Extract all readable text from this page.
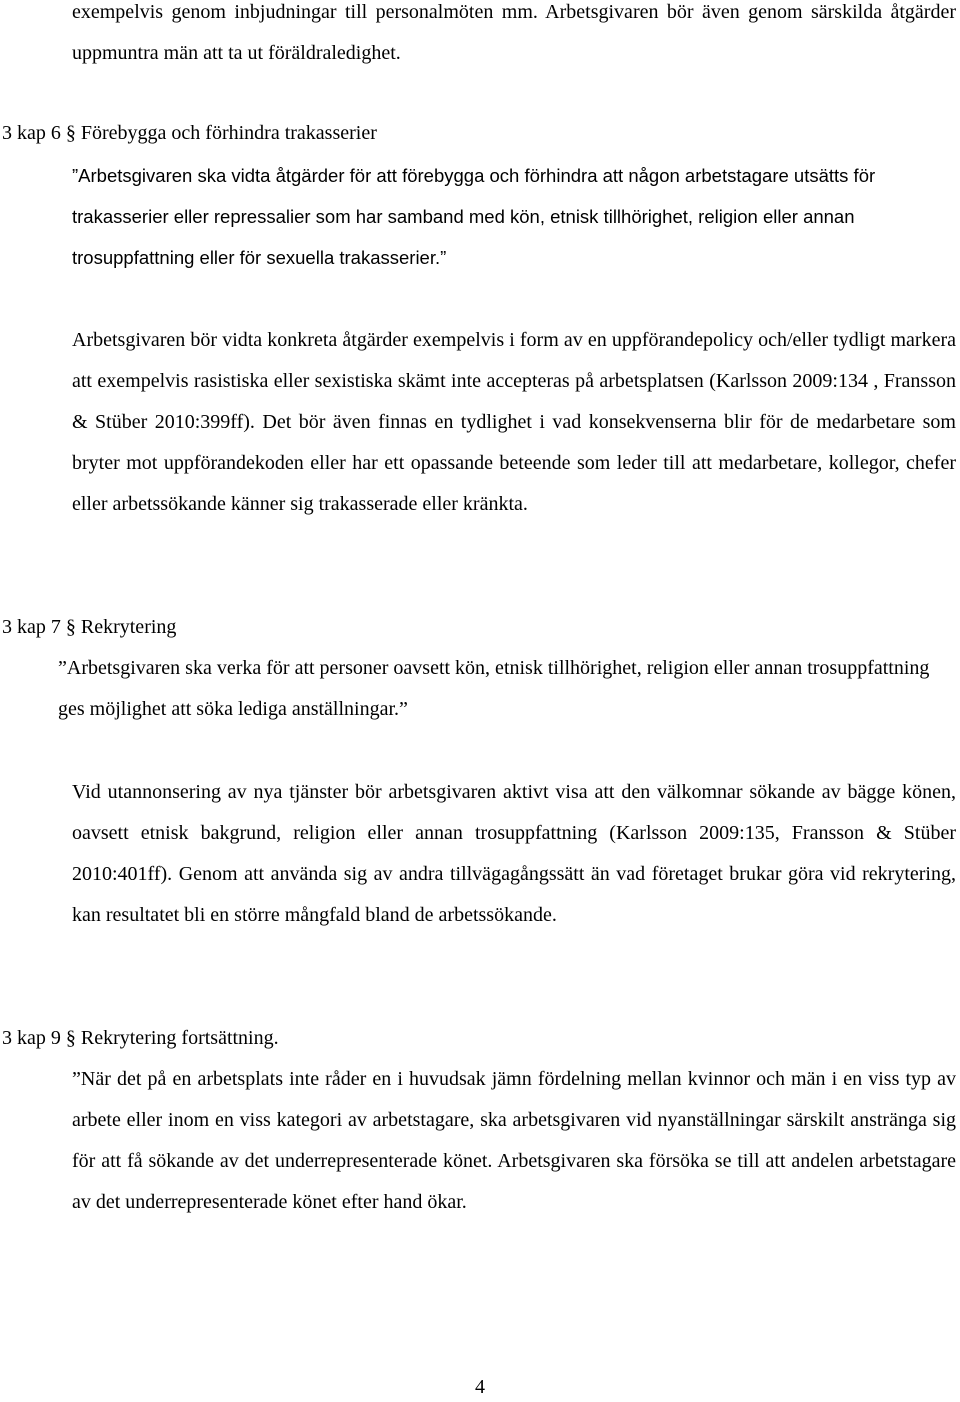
exempelvis genom inbjudningar till personalmöten mm. Arbetsgivaren bör även genom särskilda åtgärder uppmuntra män att ta ut föräldraledighet.

3 kap 6 § Förebygga och förhindra trakasserier

”Arbetsgivaren ska vidta åtgärder för att förebygga och förhindra att någon arbetstagare utsätts för trakasserier eller repressalier som har samband med kön, etnisk tillhörighet, religion eller annan trosuppfattning eller för sexuella trakasserier.”

Arbetsgivaren bör vidta konkreta åtgärder exempelvis i form av en uppförandepolicy och/eller tydligt markera att exempelvis rasistiska eller sexistiska skämt inte accepteras på arbetsplatsen (Karlsson 2009:134 , Fransson & Stüber 2010:399ff). Det bör även finnas en tydlighet i vad konsekvenserna blir för de medarbetare som bryter mot uppförandekoden eller har ett opassande beteende som leder till att medarbetare, kollegor, chefer eller arbetssökande känner sig trakasserade eller kränkta.

3 kap 7 § Rekrytering

”Arbetsgivaren ska verka för att personer oavsett kön, etnisk tillhörighet, religion eller annan trosuppfattning ges möjlighet att söka lediga anställningar.”

Vid utannonsering av nya tjänster bör arbetsgivaren aktivt visa att den välkomnar sökande av bägge könen, oavsett etnisk bakgrund, religion eller annan trosuppfattning (Karlsson 2009:135, Fransson & Stüber 2010:401ff). Genom att använda sig av andra tillvägagångssätt än vad företaget brukar göra vid rekrytering, kan resultatet bli en större mångfald bland de arbetssökande.

3 kap 9 § Rekrytering fortsättning.

”När det på en arbetsplats inte råder en i huvudsak jämn fördelning mellan kvinnor och män i en viss typ av arbete eller inom en viss kategori av arbetstagare, ska arbetsgivaren vid nyanställningar särskilt anstränga sig för att få sökande av det underrepresenterade könet. Arbetsgivaren ska försöka se till att andelen arbetstagare av det underrepresenterade könet efter hand ökar.

4
